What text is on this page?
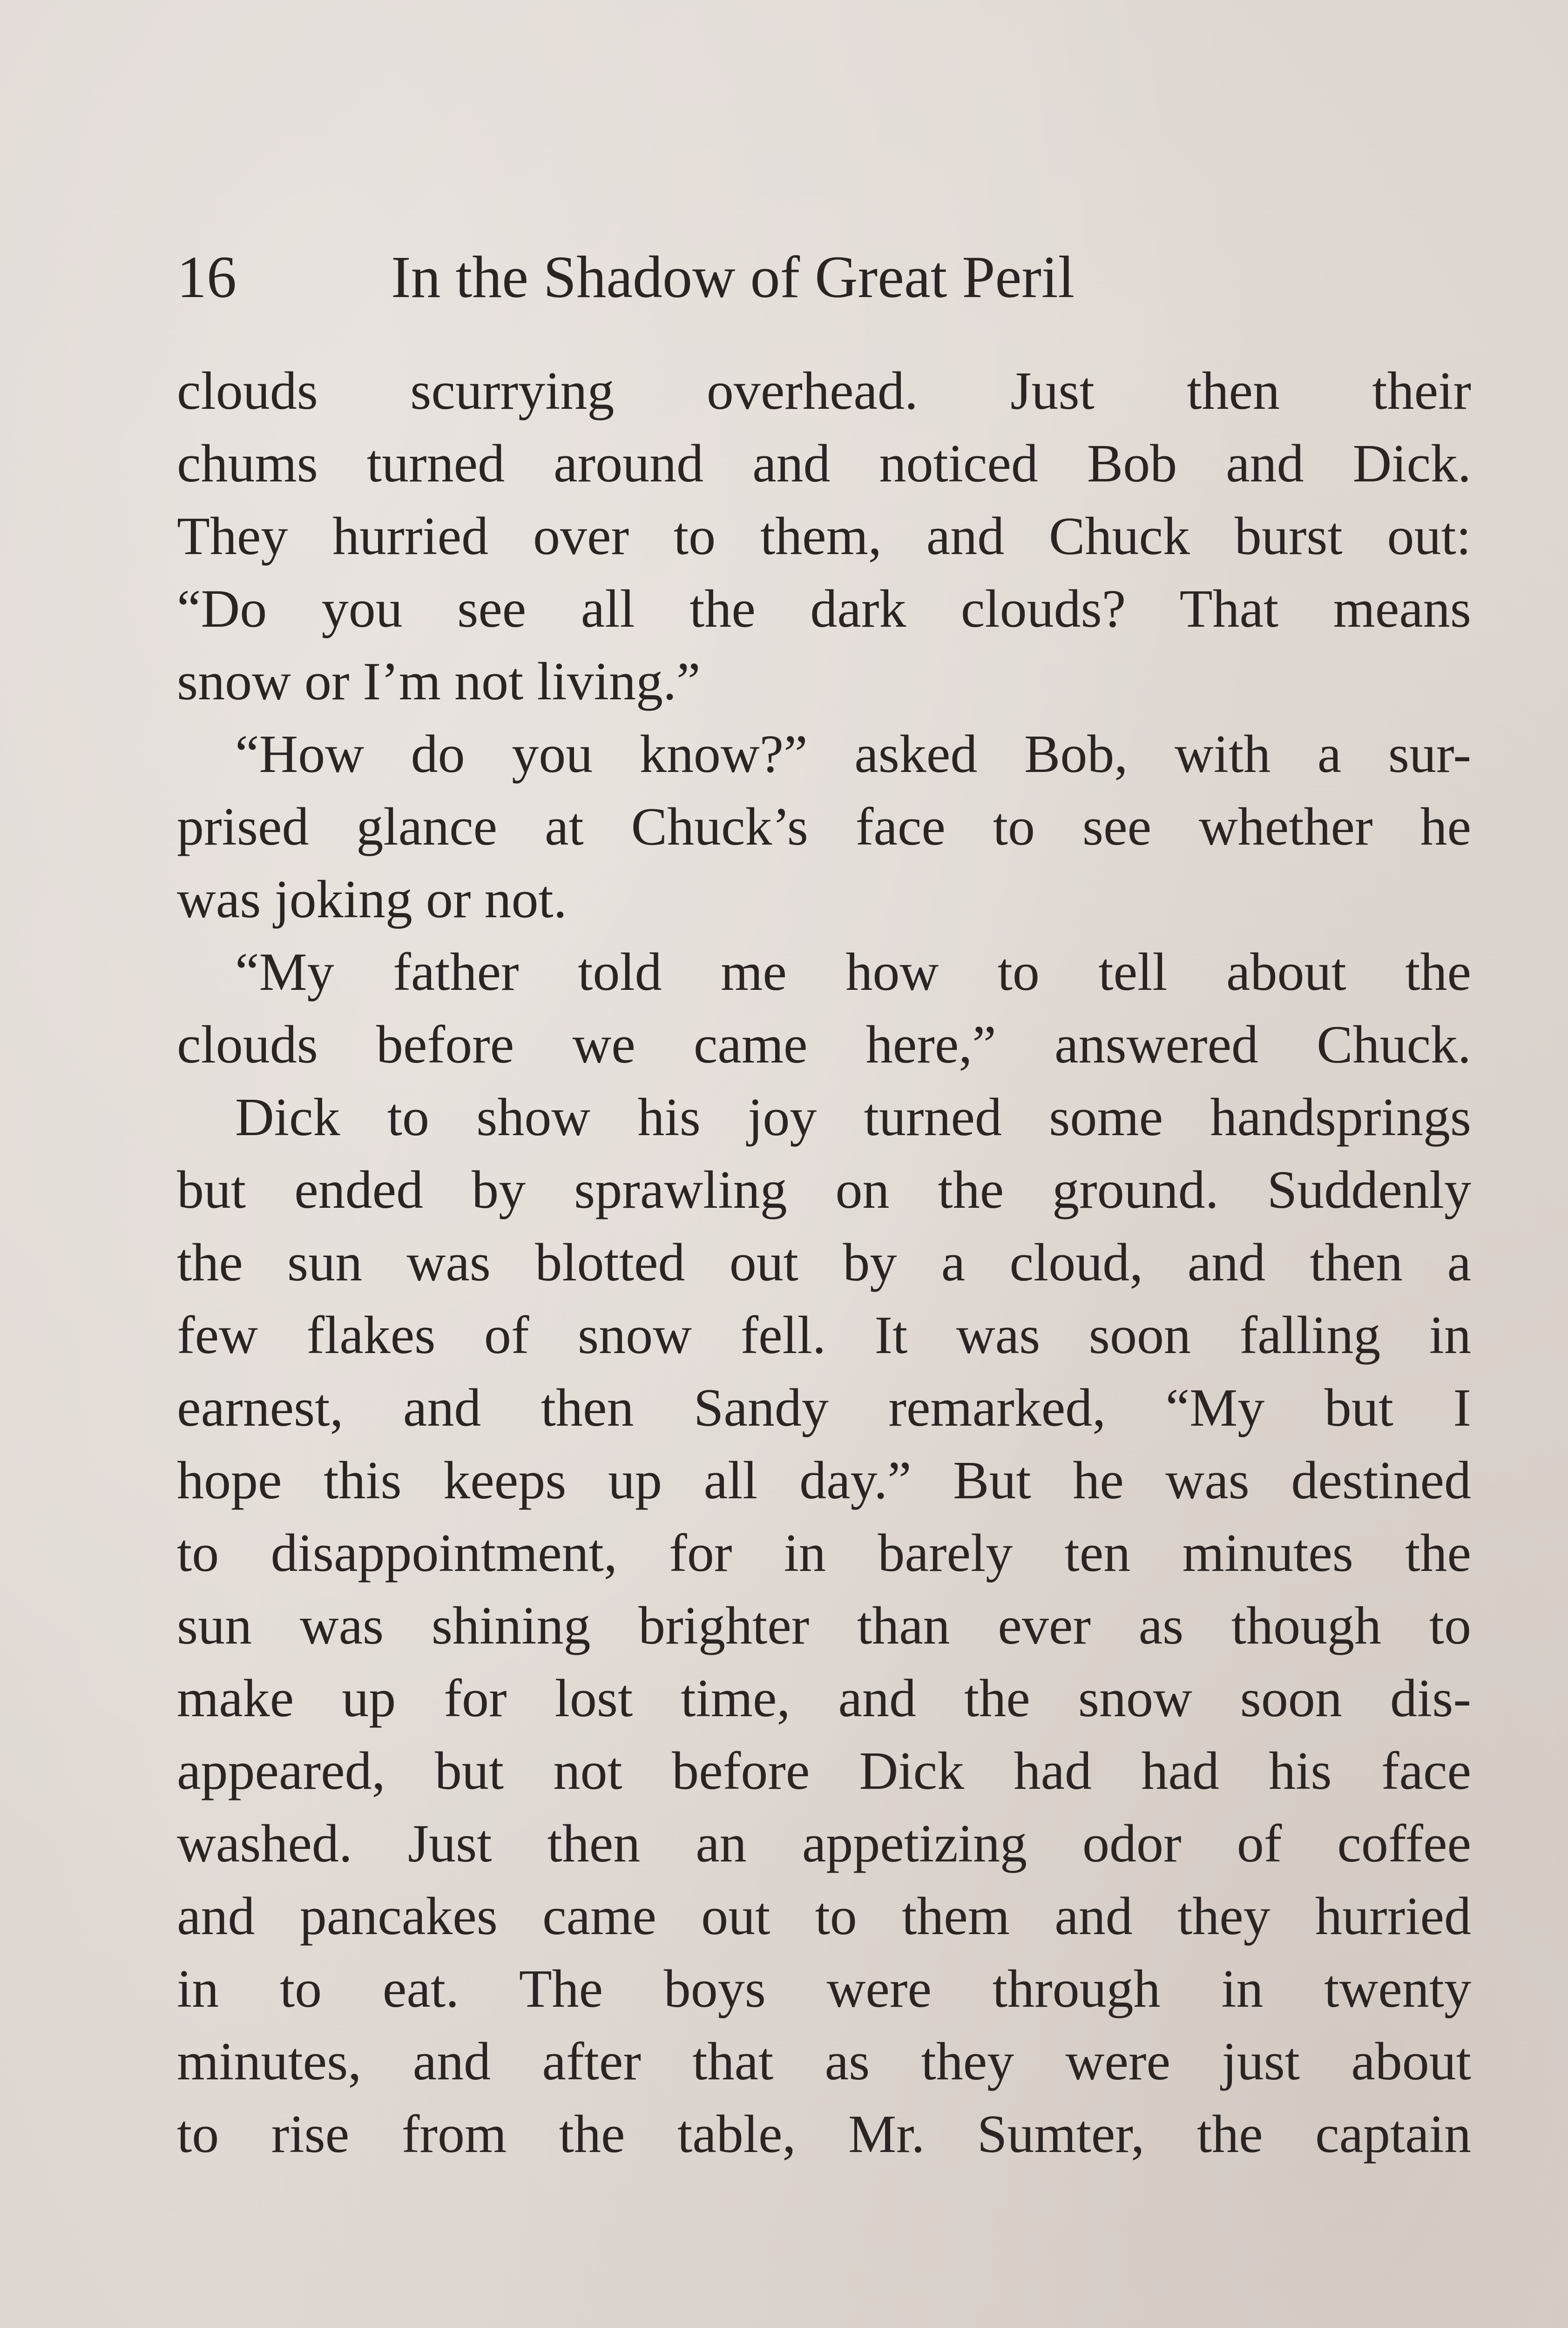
16	In the Shadow of Great Peril
clouds scurrying overhead. Just then their
chums turned around and noticed Bob and Dick.
They hurried over to them, and Chuck burst out:
“Do you see all the dark clouds? That means
snow or I’m not living.”
“How do you know?” asked Bob, with a sur-
prised glance at Chuck’s face to see whether he
was joking or not.
“My father told me how to tell about the
clouds before we came here,” answered Chuck.
Dick to show his joy turned some handsprings
but ended by sprawling on the ground. Suddenly
the sun was blotted out by a cloud, and then a
few flakes of snow fell. It was soon falling in
earnest, and then Sandy remarked, “My but I
hope this keeps up all day.” But he was destined
to disappointment, for in barely ten minutes the
sun was shining brighter than ever as though to
make up for lost time, and the snow soon dis-
appeared, but not before Dick had had his face
washed. Just then an appetizing odor of coffee
and pancakes came out to them and they hurried
in to eat. The boys were through in twenty
minutes, and after that as they were just about
to rise from the table, Mr. Sumter, the captain
